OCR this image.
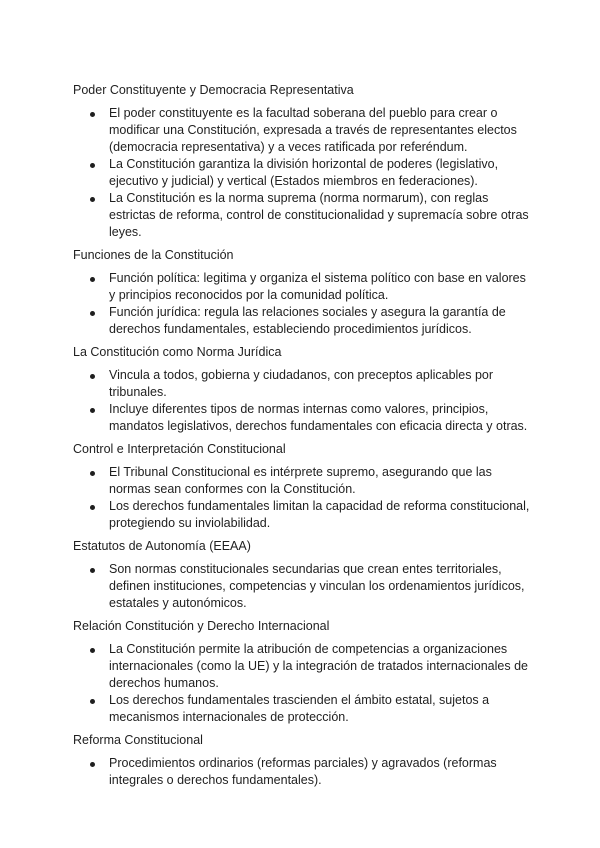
Poder Constituyente y Democracia Representativa
El poder constituyente es la facultad soberana del pueblo para crear o modificar una Constitución, expresada a través de representantes electos (democracia representativa) y a veces ratificada por referéndum.
La Constitución garantiza la división horizontal de poderes (legislativo, ejecutivo y judicial) y vertical (Estados miembros en federaciones).
La Constitución es la norma suprema (norma normarum), con reglas estrictas de reforma, control de constitucionalidad y supremacía sobre otras leyes.
Funciones de la Constitución
Función política: legitima y organiza el sistema político con base en valores y principios reconocidos por la comunidad política.
Función jurídica: regula las relaciones sociales y asegura la garantía de derechos fundamentales, estableciendo procedimientos jurídicos.
La Constitución como Norma Jurídica
Vincula a todos, gobierna y ciudadanos, con preceptos aplicables por tribunales.
Incluye diferentes tipos de normas internas como valores, principios, mandatos legislativos, derechos fundamentales con eficacia directa y otras.
Control e Interpretación Constitucional
El Tribunal Constitucional es intérprete supremo, asegurando que las normas sean conformes con la Constitución.
Los derechos fundamentales limitan la capacidad de reforma constitucional, protegiendo su inviolabilidad.
Estatutos de Autonomía (EEAA)
Son normas constitucionales secundarias que crean entes territoriales, definen instituciones, competencias y vinculan los ordenamientos jurídicos, estatales y autonómicos.
Relación Constitución y Derecho Internacional
La Constitución permite la atribución de competencias a organizaciones internacionales (como la UE) y la integración de tratados internacionales de derechos humanos.
Los derechos fundamentales trascienden el ámbito estatal, sujetos a mecanismos internacionales de protección.
Reforma Constitucional
Procedimientos ordinarios (reformas parciales) y agravados (reformas integrales o derechos fundamentales).
